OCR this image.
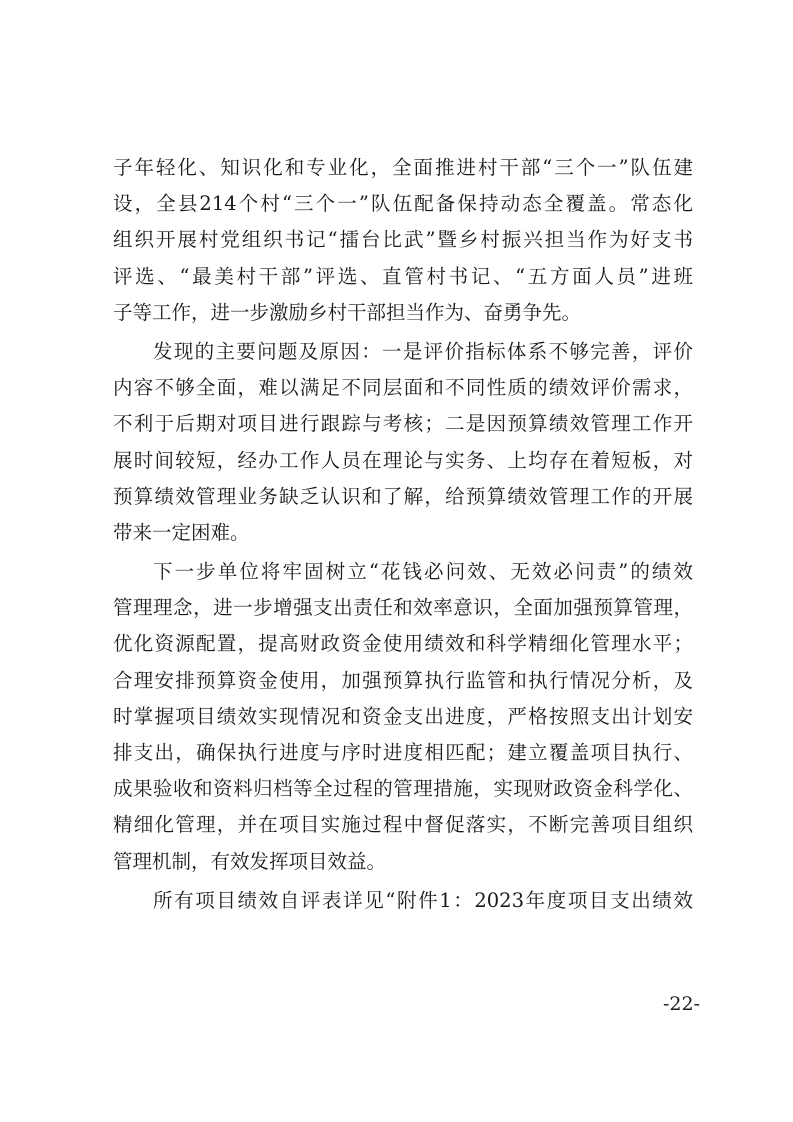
子年轻化、知识化和专业化，全面推进村干部“三个一”队伍建
设，全县214个村“三个一”队伍配备保持动态全覆盖。常态化
组织开展村党组织书记“擂台比武”暨乡村振兴担当作为好支书
评选、“最美村干部”评选、直管村书记、“五方面人员”进班
子等工作，进一步激励乡村干部担当作为、奋勇争先。
发现的主要问题及原因：一是评价指标体系不够完善，评价
内容不够全面，难以满足不同层面和不同性质的绩效评价需求，
不利于后期对项目进行跟踪与考核；二是因预算绩效管理工作开
展时间较短，经办工作人员在理论与实务、上均存在着短板，对
预算绩效管理业务缺乏认识和了解，给预算绩效管理工作的开展
带来一定困难。
下一步单位将牢固树立“花钱必问效、无效必问责”的绩效
管理理念，进一步增强支出责任和效率意识，全面加强预算管理，
优化资源配置，提高财政资金使用绩效和科学精细化管理水平；
合理安排预算资金使用，加强预算执行监管和执行情况分析，及
时掌握项目绩效实现情况和资金支出进度，严格按照支出计划安
排支出，确保执行进度与序时进度相匹配；建立覆盖项目执行、
成果验收和资料归档等全过程的管理措施，实现财政资金科学化、
精细化管理，并在项目实施过程中督促落实，不断完善项目组织
管理机制，有效发挥项目效益。
所有项目绩效自评表详见“附件1：2023年度项目支出绩效
-22-
